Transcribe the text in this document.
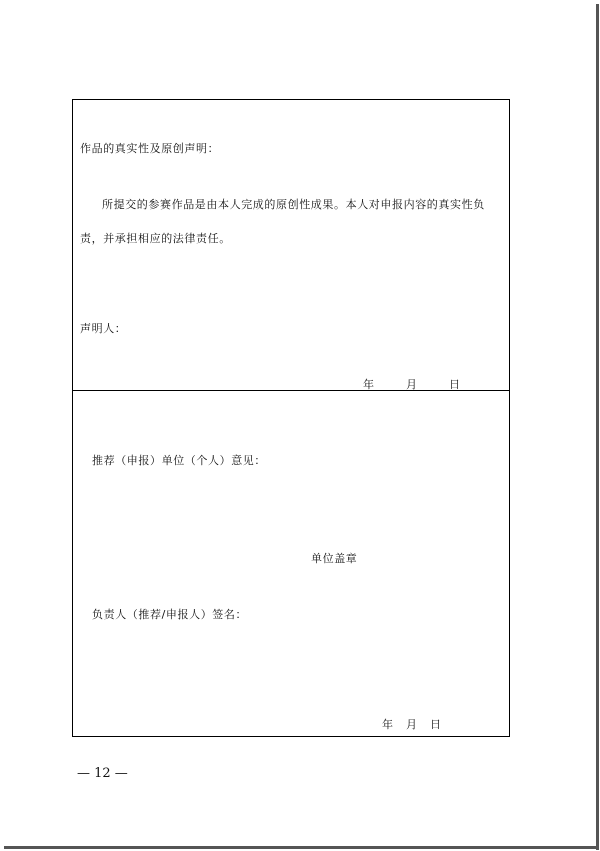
作品的真实性及原创声明：
所提交的参赛作品是由本人完成的原创性成果。本人对申报内容的真实性负责，并承担相应的法律责任。
声明人：
年	月	日
推荐（申报）单位（个人）意见：
单位盖章
负责人（推荐/申报人）签名：
年 月 日
— 12 —
